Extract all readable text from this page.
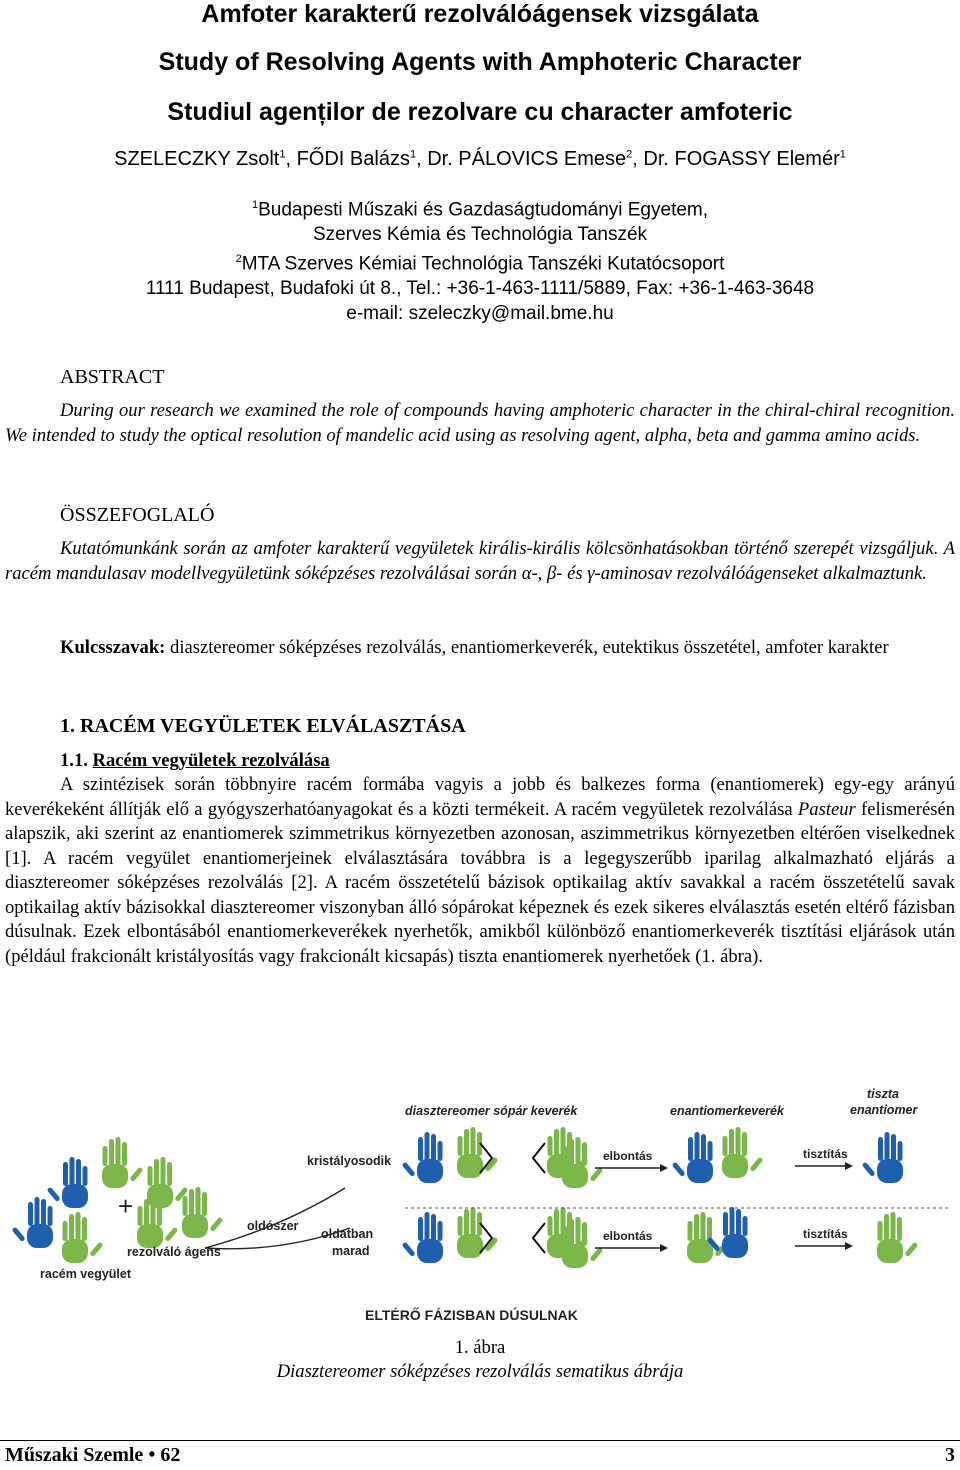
Amfoter karakterű rezolválóágensek vizsgálata
Study of Resolving Agents with Amphoteric Character
Studiul agenților de rezolvare cu character amfoteric
SZELECZKY Zsolt$^1$, FŐDI Balázs$^1$, Dr. PÁLOVICS Emese$^2$, Dr. FOGASSY Elemér$^1$
$^1$Budapesti Műszaki és Gazdaságtudományi Egyetem,
Szerves Kémia és Technológia Tanszék
$^2$MTA Szerves Kémiai Technológia Tanszéki Kutatócsoport
1111 Budapest, Budafoki út 8., Tel.: +36-1-463-1111/5889, Fax: +36-1-463-3648
e-mail: szeleczky@mail.bme.hu
ABSTRACT
During our research we examined the role of compounds having amphoteric character in the chiral-chiral recognition. We intended to study the optical resolution of mandelic acid using as resolving agent, alpha, beta and gamma amino acids.
ÖSSZEFOGLALÓ
Kutatómunkánk során az amfoter karakterű vegyületek királis-királis kölcsönhatásokban történő szerepét vizsgáljuk. A racém mandulasav modellvegyületünk sóképzéses rezolválásai során α-, β- és γ-aminosav rezolválóágenseket alkalmaztunk.
Kulcsszavak: diasztereomer sóképzéses rezolválás, enantiomerkeverék, eutektikus összetétel, amfoter karakter
1. RACÉM VEGYÜLETEK ELVÁLASZTÁSA
1.1. Racém vegyületek rezolválása
A szintézisek során többnyire racém formába vagyis a jobb és balkezes forma (enantiomerek) egy-egy arányú keverékeként állítják elő a gyógyszerhatóanyagokat és a közti termékeit. A racém vegyületek rezolválása Pasteur felismerésén alapszik, aki szerint az enantiomerek szimmetrikus környezetben azonosan, aszimmetrikus környezetben eltérően viselkednek [1]. A racém vegyület enantiomerjeinek elválasztására továbbra is a legegyszerűbb iparilag alkalmazható eljárás a diasztereomer sóképzéses rezolválás [2]. A racém összetételű bázisok optikailag aktív savakkal a racém összetételű savak optikailag aktív bázisokkal diasztereomer viszonyban álló sópárokat képeznek és ezek sikeres elválasztás esetén eltérő fázisban dúsulnak. Ezek elbontásából enantiomerkeverékek nyerhetők, amikből különböző enantiomerkeverék tisztítási eljárások után (például frakcionált kristályosítás vagy frakcionált kicsapás) tiszta enantiomerek nyerhetőek (1. ábra).
racém vegyület
+
rezolváló ágens
oldószer
kristályosodik
oldatban
marad
diasztereomer sópár keverék	enantiomerkeverék
tiszta
enantiomer
elbontás
elbontás
tisztítás
tisztítás
ELTÉRŐ FÁZISBAN DÚSULNAK
1. ábra
Diasztereomer sóképzéses rezolválás sematikus ábrája
Műszaki Szemle • 62	3
